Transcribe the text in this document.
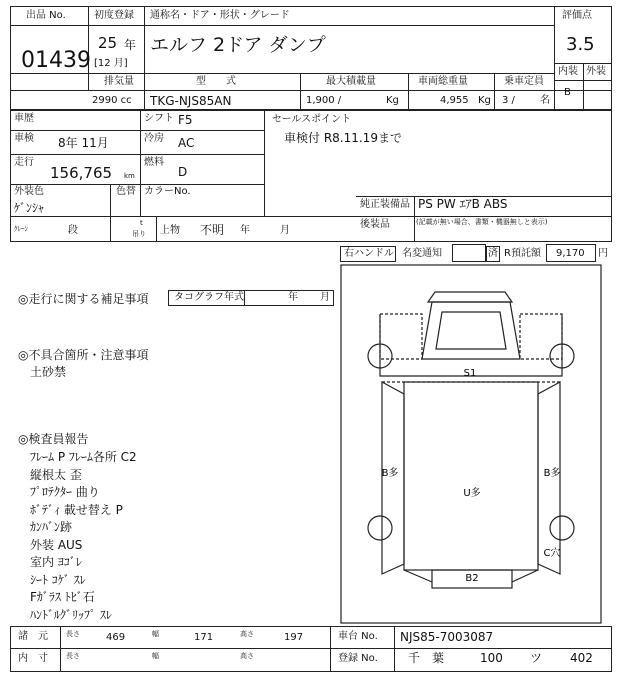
出品 No.
01439
初度登録 通称名・ドア・形状・グレード
25 年
[12 月]
エルフ 2ドア ダンプ
評価点
3.5
内装 外装
B
排気量
2990 cc
型　　式
TKG-NJS85AN
最大積載量
1,900 /	Kg
車両総重量
4,955 Kg
乗車定員
3 /	名
車歴	シフト F5
車検 8年 11月	冷房 AC
走行
156,765 km
燃料
D
外装色
ｹﾞﾝｼｬ
色替 カラーNo.
ｸﾚｰﾝ	段
t
吊り 上物 不明 年	月
セールスポイント
車検付 R8.11.19まで
純正装備品 PS PW ｴｱB ABS
後装品	(記載が無い場合、書類・機器無しと表示)
右ハンドル 名変通知	済 R預託額 9,170 円
◎走行に関する補足事項	タコグラフ年式	年 月
◎不具合箇所・注意事項
土砂禁
◎検査員報告
ﾌﾚｰﾑ P ﾌﾚｰﾑ各所 C2
縦根太 歪
ﾌﾟﾛﾃｸﾀｰ 曲り
ﾎﾞﾃﾞｨ 載せ替え P
ｶﾝﾊﾞﾝ跡
外装 AUS
室内 ﾖｺﾞﾚ
ｼｰﾄ ｺｹﾞ ｽﾚ
Fｶﾞﾗｽ ﾄﾋﾞ石
ﾊﾝﾄﾞﾙｸﾞﾘｯﾌﾟ ｽﾚ
S1
B多	B多
U多
C穴
B2
諸　元	長さ	469	幅	171	高さ	197
内　寸	長さ	幅	高さ
車台 No. NJS85-7003087
登録 No.	千　葉	100 ツ 402
